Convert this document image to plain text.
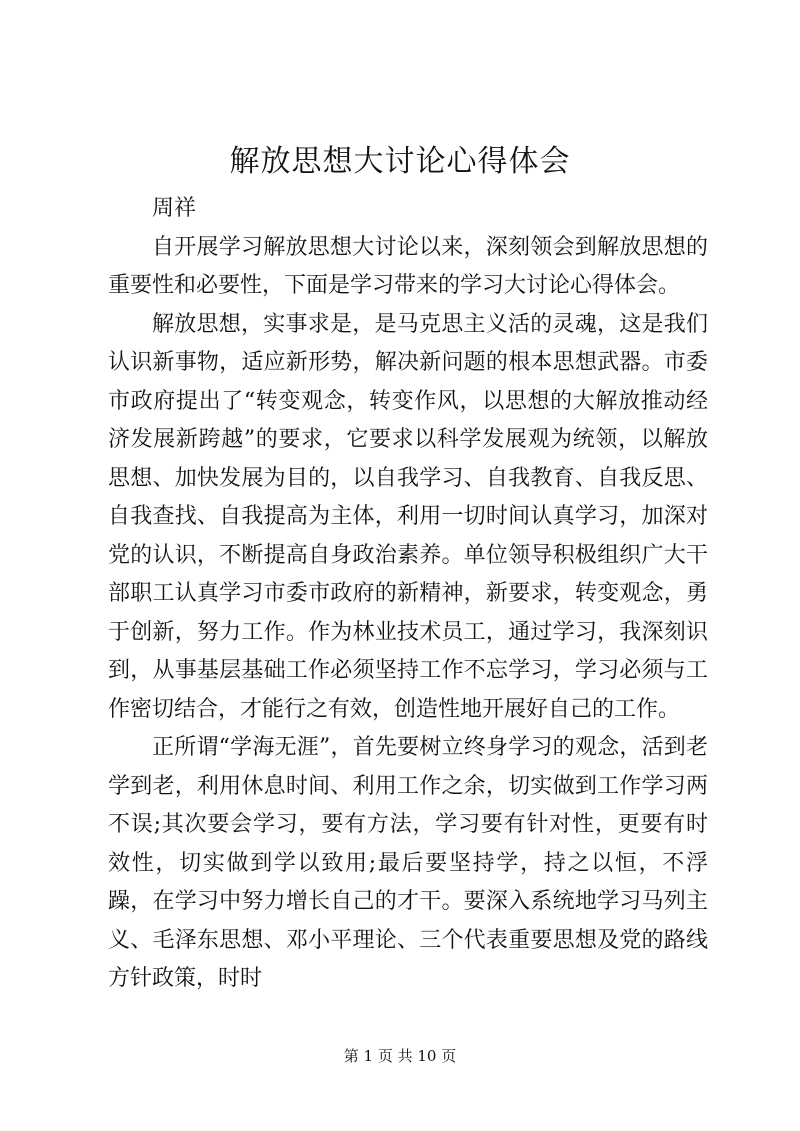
解放思想大讨论心得体会

周祥

自开展学习解放思想大讨论以来，深刻领会到解放思想的重要性和必要性，下面是学习带来的学习大讨论心得体会。

解放思想，实事求是，是马克思主义活的灵魂，这是我们认识新事物，适应新形势，解决新问题的根本思想武器。市委市政府提出了“转变观念，转变作风，以思想的大解放推动经济发展新跨越”的要求，它要求以科学发展观为统领，以解放思想、加快发展为目的，以自我学习、自我教育、自我反思、自我查找、自我提高为主体，利用一切时间认真学习，加深对党的认识，不断提高自身政治素养。单位领导积极组织广大干部职工认真学习市委市政府的新精神，新要求，转变观念，勇于创新，努力工作。作为林业技术员工，通过学习，我深刻识到，从事基层基础工作必须坚持工作不忘学习，学习必须与工作密切结合，才能行之有效，创造性地开展好自己的工作。

正所谓“学海无涯”，首先要树立终身学习的观念，活到老学到老，利用休息时间、利用工作之余，切实做到工作学习两不误;其次要会学习，要有方法，学习要有针对性，更要有时效性，切实做到学以致用;最后要坚持学，持之以恒，不浮躁，在学习中努力增长自己的才干。要深入系统地学习马列主义、毛泽东思想、邓小平理论、三个代表重要思想及党的路线方针政策，时时

第 1 页 共 10 页
